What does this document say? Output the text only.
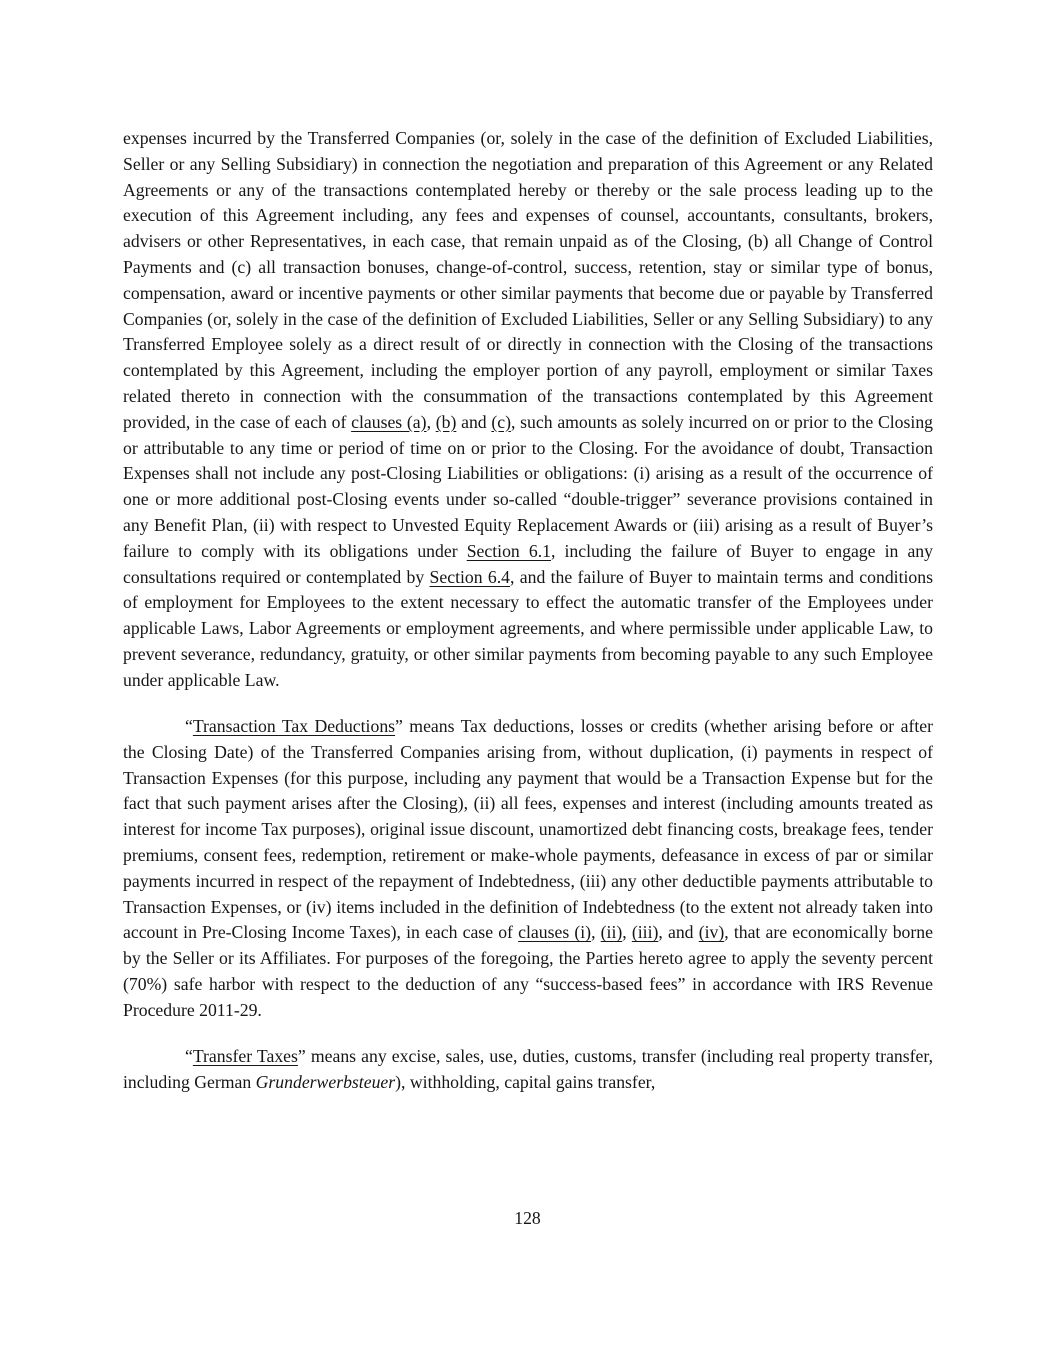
expenses incurred by the Transferred Companies (or, solely in the case of the definition of Excluded Liabilities, Seller or any Selling Subsidiary) in connection the negotiation and preparation of this Agreement or any Related Agreements or any of the transactions contemplated hereby or thereby or the sale process leading up to the execution of this Agreement including, any fees and expenses of counsel, accountants, consultants, brokers, advisers or other Representatives, in each case, that remain unpaid as of the Closing, (b) all Change of Control Payments and (c) all transaction bonuses, change-of-control, success, retention, stay or similar type of bonus, compensation, award or incentive payments or other similar payments that become due or payable by Transferred Companies (or, solely in the case of the definition of Excluded Liabilities, Seller or any Selling Subsidiary) to any Transferred Employee solely as a direct result of or directly in connection with the Closing of the transactions contemplated by this Agreement, including the employer portion of any payroll, employment or similar Taxes related thereto in connection with the consummation of the transactions contemplated by this Agreement provided, in the case of each of clauses (a), (b) and (c), such amounts as solely incurred on or prior to the Closing or attributable to any time or period of time on or prior to the Closing. For the avoidance of doubt, Transaction Expenses shall not include any post-Closing Liabilities or obligations: (i) arising as a result of the occurrence of one or more additional post-Closing events under so-called “double-trigger” severance provisions contained in any Benefit Plan, (ii) with respect to Unvested Equity Replacement Awards or (iii) arising as a result of Buyer’s failure to comply with its obligations under Section 6.1, including the failure of Buyer to engage in any consultations required or contemplated by Section 6.4, and the failure of Buyer to maintain terms and conditions of employment for Employees to the extent necessary to effect the automatic transfer of the Employees under applicable Laws, Labor Agreements or employment agreements, and where permissible under applicable Law, to prevent severance, redundancy, gratuity, or other similar payments from becoming payable to any such Employee under applicable Law.

“Transaction Tax Deductions” means Tax deductions, losses or credits (whether arising before or after the Closing Date) of the Transferred Companies arising from, without duplication, (i) payments in respect of Transaction Expenses (for this purpose, including any payment that would be a Transaction Expense but for the fact that such payment arises after the Closing), (ii) all fees, expenses and interest (including amounts treated as interest for income Tax purposes), original issue discount, unamortized debt financing costs, breakage fees, tender premiums, consent fees, redemption, retirement or make-whole payments, defeasance in excess of par or similar payments incurred in respect of the repayment of Indebtedness, (iii) any other deductible payments attributable to Transaction Expenses, or (iv) items included in the definition of Indebtedness (to the extent not already taken into account in Pre-Closing Income Taxes), in each case of clauses (i), (ii), (iii), and (iv), that are economically borne by the Seller or its Affiliates. For purposes of the foregoing, the Parties hereto agree to apply the seventy percent (70%) safe harbor with respect to the deduction of any “success-based fees” in accordance with IRS Revenue Procedure 2011-29.

“Transfer Taxes” means any excise, sales, use, duties, customs, transfer (including real property transfer, including German Grunderwerbsteuer), withholding, capital gains transfer,

128
